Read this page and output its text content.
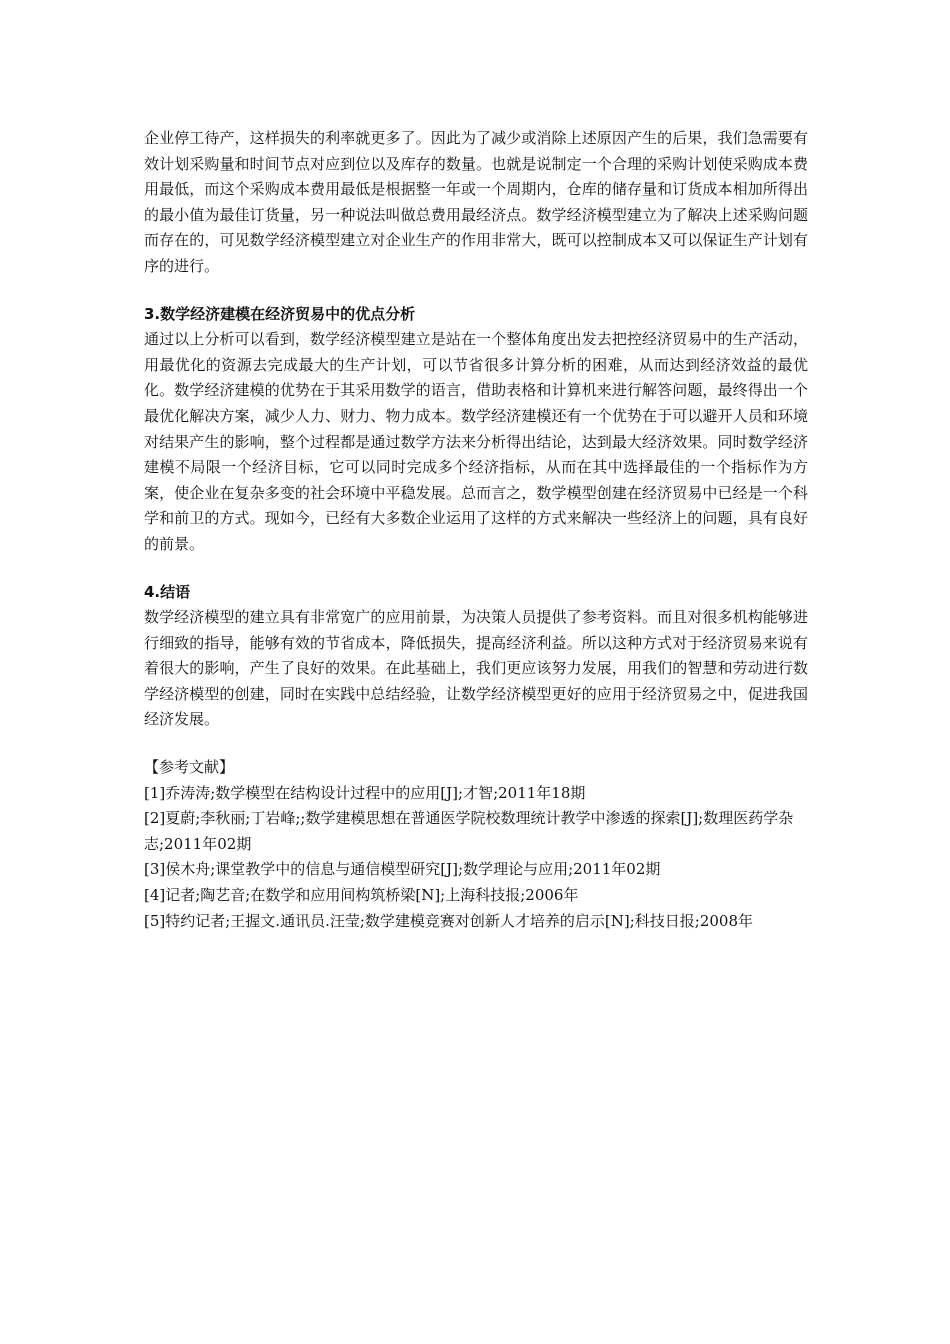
企业停工待产，这样损失的利率就更多了。因此为了减少或消除上述原因产生的后果，我们急需要有效计划采购量和时间节点对应到位以及库存的数量。也就是说制定一个合理的采购计划使采购成本费用最低，而这个采购成本费用最低是根据整一年或一个周期内，仓库的储存量和订货成本相加所得出的最小值为最佳订货量，另一种说法叫做总费用最经济点。数学经济模型建立为了解决上述采购问题而存在的，可见数学经济模型建立对企业生产的作用非常大，既可以控制成本又可以保证生产计划有序的进行。

3.数学经济建模在经济贸易中的优点分析

通过以上分析可以看到，数学经济模型建立是站在一个整体角度出发去把控经济贸易中的生产活动，用最优化的资源去完成最大的生产计划，可以节省很多计算分析的困难，从而达到经济效益的最优化。数学经济建模的优势在于其采用数学的语言，借助表格和计算机来进行解答问题，最终得出一个最优化解决方案，减少人力、财力、物力成本。数学经济建模还有一个优势在于可以避开人员和环境对结果产生的影响，整个过程都是通过数学方法来分析得出结论，达到最大经济效果。同时数学经济建模不局限一个经济目标，它可以同时完成多个经济指标，从而在其中选择最佳的一个指标作为方案，使企业在复杂多变的社会环境中平稳发展。总而言之，数学模型创建在经济贸易中已经是一个科学和前卫的方式。现如今，已经有大多数企业运用了这样的方式来解决一些经济上的问题，具有良好的前景。

4.结语

数学经济模型的建立具有非常宽广的应用前景，为决策人员提供了参考资料。而且对很多机构能够进行细致的指导，能够有效的节省成本，降低损失，提高经济利益。所以这种方式对于经济贸易来说有着很大的影响，产生了良好的效果。在此基础上，我们更应该努力发展，用我们的智慧和劳动进行数学经济模型的创建，同时在实践中总结经验，让数学经济模型更好的应用于经济贸易之中，促进我国经济发展。

【参考文献】

[1]乔涛涛;数学模型在结构设计过程中的应用[J];才智;2011年18期

[2]夏蔚;李秋丽;丁岩峰;;数学建模思想在普通医学院校数理统计教学中渗透的探索[J];数理医药学杂志;2011年02期

[3]侯木舟;课堂教学中的信息与通信模型研究[J];数学理论与应用;2011年02期

[4]记者;陶艺音;在数学和应用间构筑桥梁[N];上海科技报;2006年

[5]特约记者;王握文.通讯员.汪莹;数学建模竞赛对创新人才培养的启示[N];科技日报;2008年
